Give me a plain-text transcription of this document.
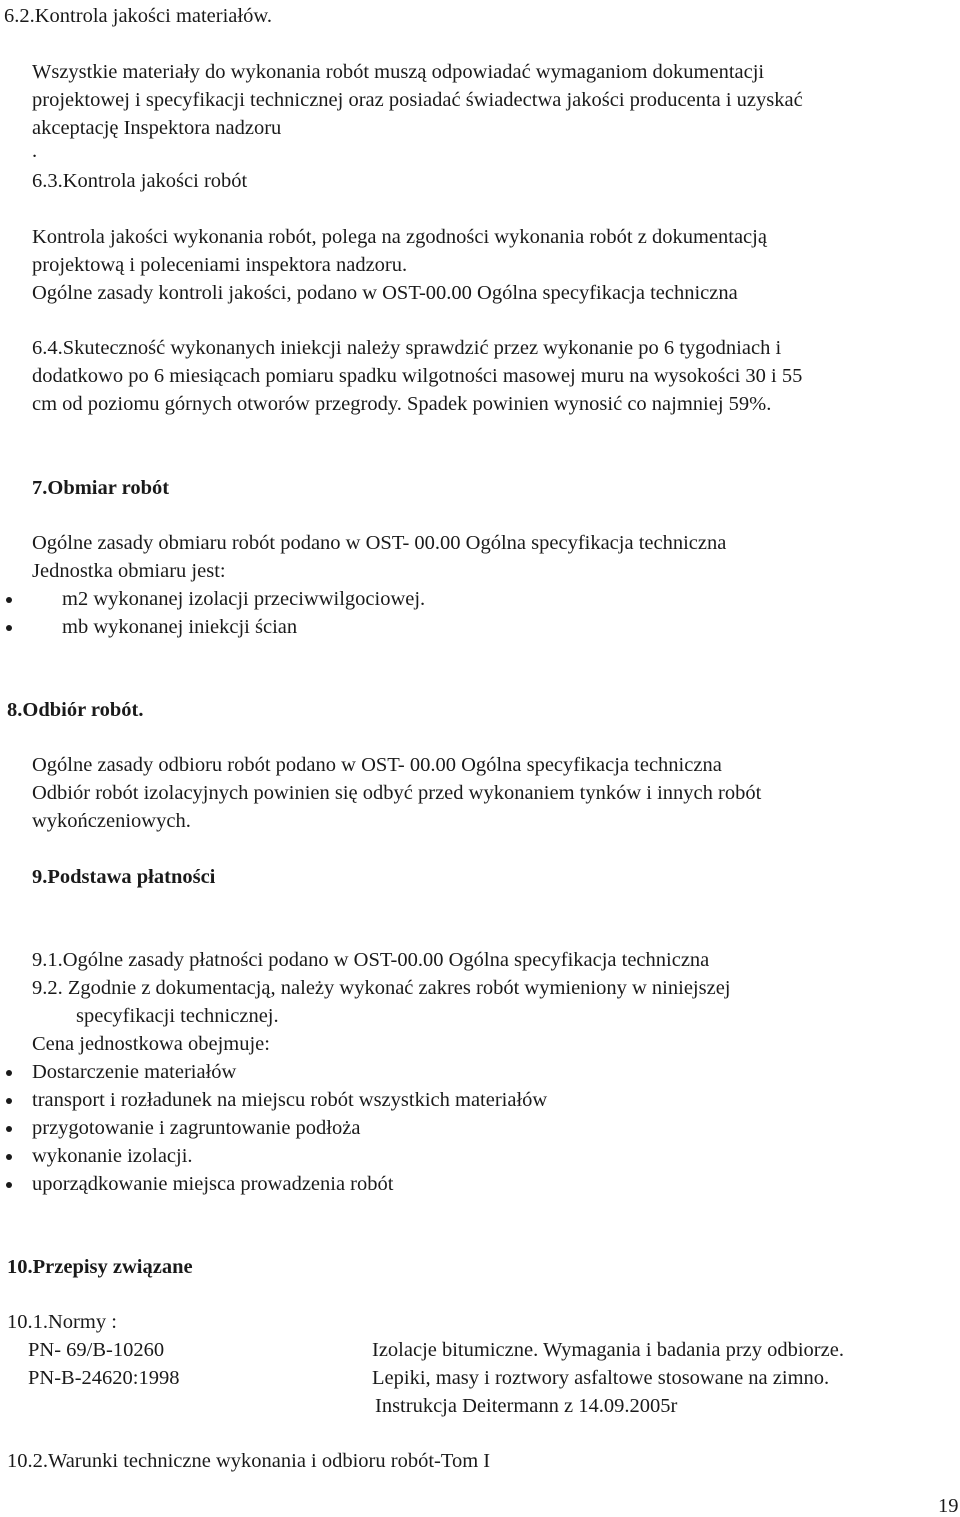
6.2.Kontrola jakości materiałów.
Wszystkie materiały do wykonania robót muszą odpowiadać wymaganiom dokumentacji
projektowej i specyfikacji technicznej oraz posiadać świadectwa jakości producenta i uzyskać
akceptację Inspektora nadzoru
.
6.3.Kontrola jakości robót
Kontrola jakości wykonania robót, polega na zgodności wykonania robót z dokumentacją
projektową i poleceniami inspektora nadzoru.
Ogólne zasady kontroli jakości, podano w OST-00.00 Ogólna specyfikacja techniczna
6.4.Skuteczność wykonanych iniekcji należy sprawdzić przez wykonanie po 6 tygodniach i
dodatkowo po 6 miesiącach pomiaru spadku wilgotności masowej muru na wysokości 30 i 55
cm od poziomu górnych otworów przegrody. Spadek powinien wynosić co najmniej 59%.
7.Obmiar robót
Ogólne zasady obmiaru robót podano w OST- 00.00 Ogólna specyfikacja techniczna
Jednostka obmiaru jest:
m2 wykonanej izolacji przeciwwilgociowej.
mb wykonanej iniekcji ścian
8.Odbiór robót.
Ogólne zasady odbioru robót podano w OST- 00.00 Ogólna specyfikacja techniczna
Odbiór robót izolacyjnych powinien się odbyć przed wykonaniem tynków i innych robót
wykończeniowych.
9.Podstawa płatności
9.1.Ogólne zasady płatności podano w OST-00.00 Ogólna specyfikacja techniczna
9.2. Zgodnie z dokumentacją, należy wykonać zakres robót wymieniony w niniejszej
specyfikacji technicznej.
Cena jednostkowa obejmuje:
Dostarczenie materiałów
transport i rozładunek na miejscu robót wszystkich materiałów
przygotowanie i zagruntowanie podłoża
wykonanie izolacji.
uporządkowanie miejsca prowadzenia robót
10.Przepisy związane
10.1.Normy :
PN- 69/B-10260	Izolacje bitumiczne. Wymagania i badania przy odbiorze.
PN-B-24620:1998	Lepiki, masy i roztwory asfaltowe stosowane na zimno.
Instrukcja Deitermann z 14.09.2005r
10.2.Warunki techniczne wykonania i odbioru robót-Tom I
19
